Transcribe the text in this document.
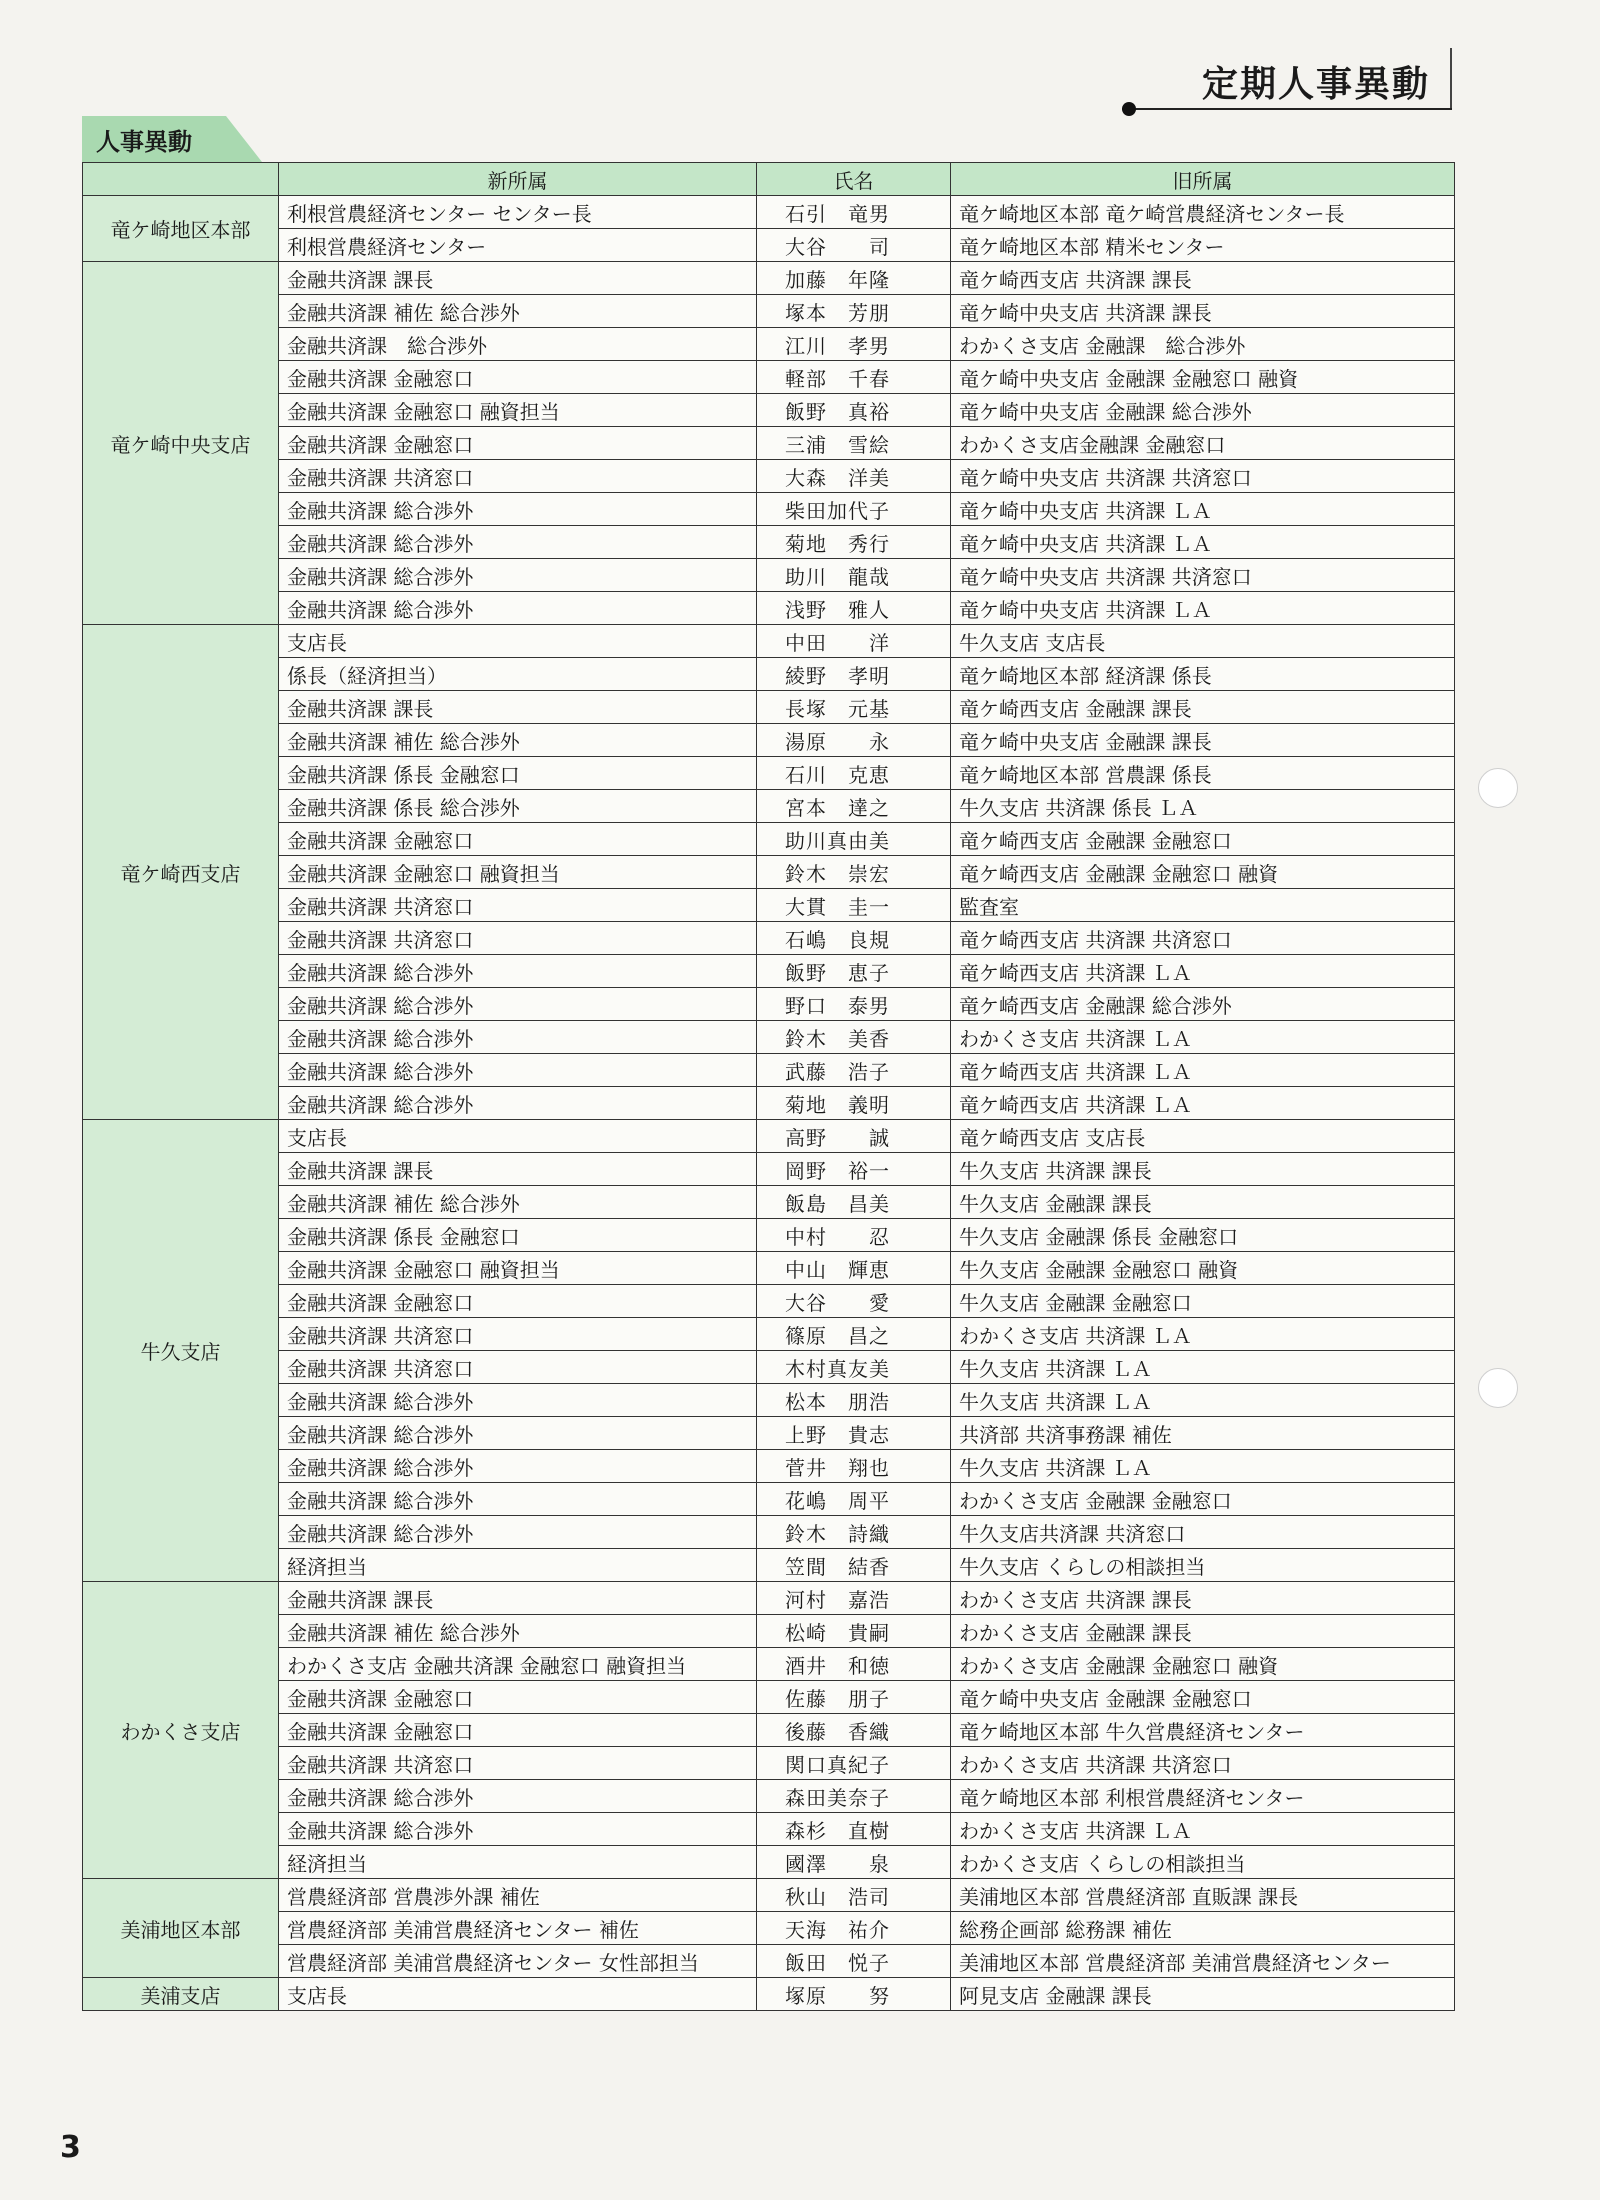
定期人事異動
人事異動
	新所属	氏名	旧所属
竜ケ崎地区本部	利根営農経済センター センター長	石引　竜男	竜ケ崎地区本部 竜ケ崎営農経済センター長
	利根営農経済センター	大谷　　司	竜ケ崎地区本部 精米センター
竜ケ崎中央支店	金融共済課 課長	加藤　年隆	竜ケ崎西支店 共済課 課長
	金融共済課 補佐 総合渉外	塚本　芳朋	竜ケ崎中央支店 共済課 課長
	金融共済課　総合渉外	江川　孝男	わかくさ支店 金融課　総合渉外
	金融共済課 金融窓口	軽部　千春	竜ケ崎中央支店 金融課 金融窓口 融資
	金融共済課 金融窓口 融資担当	飯野　真裕	竜ケ崎中央支店 金融課 総合渉外
	金融共済課 金融窓口	三浦　雪絵	わかくさ支店金融課 金融窓口
	金融共済課 共済窓口	大森　洋美	竜ケ崎中央支店 共済課 共済窓口
	金融共済課 総合渉外	柴田加代子	竜ケ崎中央支店 共済課 ＬＡ
	金融共済課 総合渉外	菊地　秀行	竜ケ崎中央支店 共済課 ＬＡ
	金融共済課 総合渉外	助川　龍哉	竜ケ崎中央支店 共済課 共済窓口
	金融共済課 総合渉外	浅野　雅人	竜ケ崎中央支店 共済課 ＬＡ
竜ケ崎西支店	支店長	中田　　洋	牛久支店 支店長
	係長（経済担当）	綾野　孝明	竜ケ崎地区本部 経済課 係長
	金融共済課 課長	長塚　元基	竜ケ崎西支店 金融課 課長
	金融共済課 補佐 総合渉外	湯原　　永	竜ケ崎中央支店 金融課 課長
	金融共済課 係長 金融窓口	石川　克恵	竜ケ崎地区本部 営農課 係長
	金融共済課 係長 総合渉外	宮本　達之	牛久支店 共済課 係長 ＬＡ
	金融共済課 金融窓口	助川真由美	竜ケ崎西支店 金融課 金融窓口
	金融共済課 金融窓口 融資担当	鈴木　崇宏	竜ケ崎西支店 金融課 金融窓口 融資
	金融共済課 共済窓口	大貫　圭一	監査室
	金融共済課 共済窓口	石嶋　良規	竜ケ崎西支店 共済課 共済窓口
	金融共済課 総合渉外	飯野　恵子	竜ケ崎西支店 共済課 ＬＡ
	金融共済課 総合渉外	野口　泰男	竜ケ崎西支店 金融課 総合渉外
	金融共済課 総合渉外	鈴木　美香	わかくさ支店 共済課 ＬＡ
	金融共済課 総合渉外	武藤　浩子	竜ケ崎西支店 共済課 ＬＡ
	金融共済課 総合渉外	菊地　義明	竜ケ崎西支店 共済課 ＬＡ
牛久支店	支店長	高野　　誠	竜ケ崎西支店 支店長
	金融共済課 課長	岡野　裕一	牛久支店 共済課 課長
	金融共済課 補佐 総合渉外	飯島　昌美	牛久支店 金融課 課長
	金融共済課 係長 金融窓口	中村　　忍	牛久支店 金融課 係長 金融窓口
	金融共済課 金融窓口 融資担当	中山　輝恵	牛久支店 金融課 金融窓口 融資
	金融共済課 金融窓口	大谷　　愛	牛久支店 金融課 金融窓口
	金融共済課 共済窓口	篠原　昌之	わかくさ支店 共済課 ＬＡ
	金融共済課 共済窓口	木村真友美	牛久支店 共済課 ＬＡ
	金融共済課 総合渉外	松本　朋浩	牛久支店 共済課 ＬＡ
	金融共済課 総合渉外	上野　貴志	共済部 共済事務課 補佐
	金融共済課 総合渉外	菅井　翔也	牛久支店 共済課 ＬＡ
	金融共済課 総合渉外	花嶋　周平	わかくさ支店 金融課 金融窓口
	金融共済課 総合渉外	鈴木　詩織	牛久支店共済課 共済窓口
	経済担当	笠間　結香	牛久支店 くらしの相談担当
わかくさ支店	金融共済課 課長	河村　嘉浩	わかくさ支店 共済課 課長
	金融共済課 補佐 総合渉外	松崎　貴嗣	わかくさ支店 金融課 課長
	わかくさ支店 金融共済課 金融窓口 融資担当	酒井　和徳	わかくさ支店 金融課 金融窓口 融資
	金融共済課 金融窓口	佐藤　朋子	竜ケ崎中央支店 金融課 金融窓口
	金融共済課 金融窓口	後藤　香織	竜ケ崎地区本部 牛久営農経済センター
	金融共済課 共済窓口	関口真紀子	わかくさ支店 共済課 共済窓口
	金融共済課 総合渉外	森田美奈子	竜ケ崎地区本部 利根営農経済センター
	金融共済課 総合渉外	森杉　直樹	わかくさ支店 共済課 ＬＡ
	経済担当	國澤　　泉	わかくさ支店 くらしの相談担当
美浦地区本部	営農経済部 営農渉外課 補佐	秋山　浩司	美浦地区本部 営農経済部 直販課 課長
	営農経済部 美浦営農経済センター 補佐	天海　祐介	総務企画部 総務課 補佐
	営農経済部 美浦営農経済センター 女性部担当	飯田　悦子	美浦地区本部 営農経済部 美浦営農経済センター
美浦支店	支店長	塚原　　努	阿見支店 金融課 課長
3
